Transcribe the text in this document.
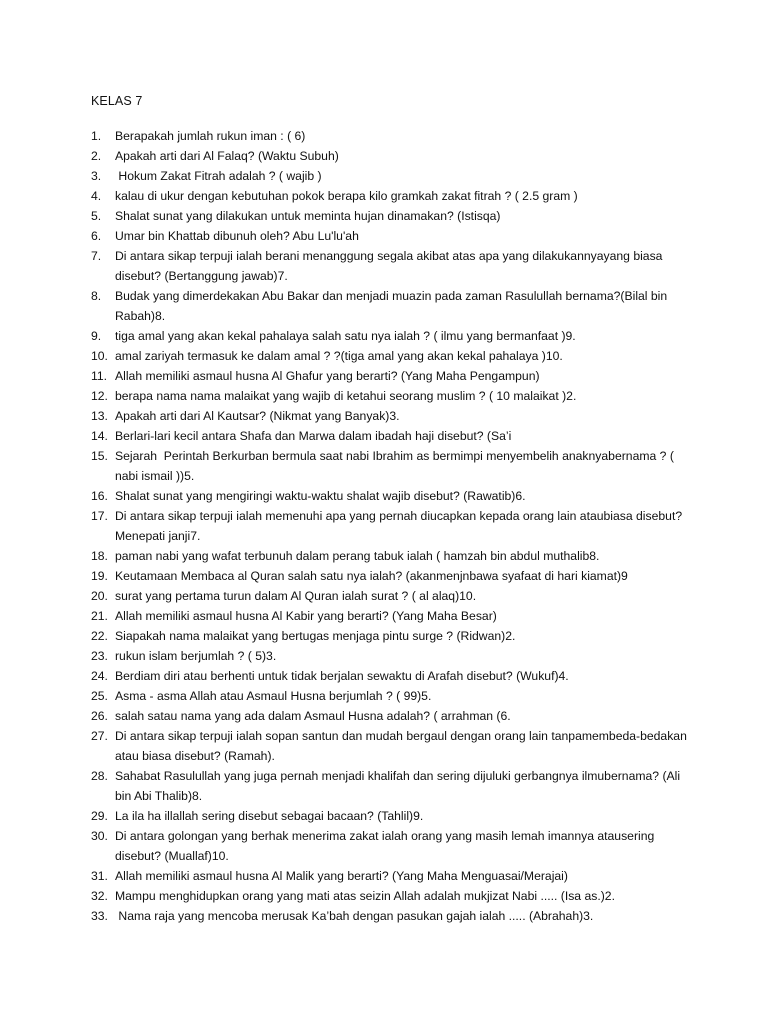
KELAS 7
1.	Berapakah jumlah rukun iman : ( 6)
2.	Apakah arti dari Al Falaq? (Waktu Subuh)
3.	Hokum Zakat Fitrah adalah ? ( wajib )
4.	kalau di ukur dengan kebutuhan pokok berapa kilo gramkah zakat fitrah ? ( 2.5 gram )
5.	Shalat sunat yang dilakukan untuk meminta hujan dinamakan? (Istisqa)
6.	Umar bin Khattab dibunuh oleh? Abu Lu'lu'ah
7.	Di antara sikap terpuji ialah berani menanggung segala akibat atas apa yang dilakukannyayang biasa disebut? (Bertanggung jawab)7.
8.	Budak yang dimerdekakan Abu Bakar dan menjadi muazin pada zaman Rasulullah bernama?(Bilal bin Rabah)8.
9.	tiga amal yang akan kekal pahalaya salah satu nya ialah ? ( ilmu yang bermanfaat )9.
10. amal zariyah termasuk ke dalam amal ? ?(tiga amal yang akan kekal pahalaya )10.
11. Allah memiliki asmaul husna Al Ghafur yang berarti? (Yang Maha Pengampun)
12. berapa nama nama malaikat yang wajib di ketahui seorang muslim ? ( 10 malaikat )2.
13. Apakah arti dari Al Kautsar? (Nikmat yang Banyak)3.
14. Berlari-lari kecil antara Shafa dan Marwa dalam ibadah haji disebut? (Sa’i
15. Sejarah  Perintah Berkurban bermula saat nabi Ibrahim as bermimpi menyembelih anaknyabernama ? ( nabi ismail ))5.
16. Shalat sunat yang mengiringi waktu-waktu shalat wajib disebut? (Rawatib)6.
17. Di antara sikap terpuji ialah memenuhi apa yang pernah diucapkan kepada orang lain ataubiasa disebut? Menepati janji7.
18. paman nabi yang wafat terbunuh dalam perang tabuk ialah ( hamzah bin abdul muthalib8.
19. Keutamaan Membaca al Quran salah satu nya ialah? (akanmenjnbawa syafaat di hari kiamat)9
20. surat yang pertama turun dalam Al Quran ialah surat ? ( al alaq)10.
21. Allah memiliki asmaul husna Al Kabir yang berarti? (Yang Maha Besar)
22. Siapakah nama malaikat yang bertugas menjaga pintu surge ? (Ridwan)2.
23. rukun islam berjumlah ? ( 5)3.
24. Berdiam diri atau berhenti untuk tidak berjalan sewaktu di Arafah disebut? (Wukuf)4.
25. Asma - asma Allah atau Asmaul Husna berjumlah ? ( 99)5.
26. salah satau nama yang ada dalam Asmaul Husna adalah? ( arrahman (6.
27. Di antara sikap terpuji ialah sopan santun dan mudah bergaul dengan orang lain tanpamembeda-bedakan atau biasa disebut? (Ramah).
28. Sahabat Rasulullah yang juga pernah menjadi khalifah dan sering dijuluki gerbangnya ilmubernama? (Ali bin Abi Thalib)8.
29. La ila ha illallah sering disebut sebagai bacaan? (Tahlil)9.
30. Di antara golongan yang berhak menerima zakat ialah orang yang masih lemah imannya atausering disebut? (Muallaf)10.
31. Allah memiliki asmaul husna Al Malik yang berarti? (Yang Maha Menguasai/Merajai)
32. Mampu menghidupkan orang yang mati atas seizin Allah adalah mukjizat Nabi ..... (Isa as.)2.
33. Nama raja yang mencoba merusak Ka’bah dengan pasukan gajah ialah ..... (Abrahah)3.
